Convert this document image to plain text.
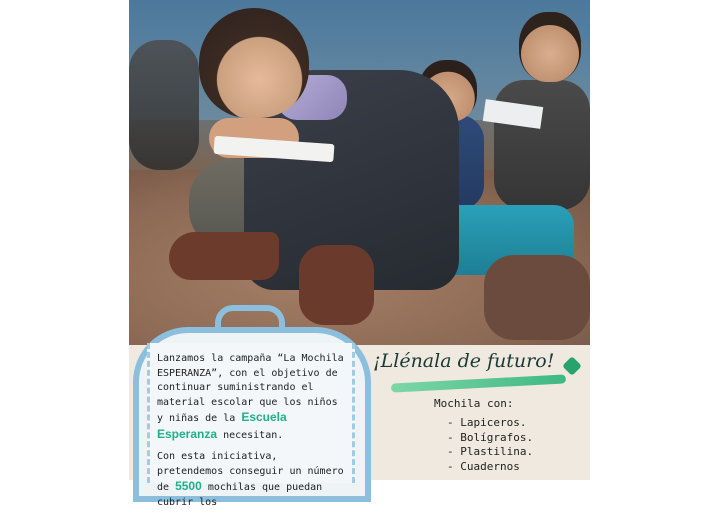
Lanzamos la campaña “La Mochila ESPERANZA”, con el objetivo de continuar suministrando el material escolar que los niños y niñas de la Escuela Esperanza necesitan.

Con esta iniciativa, pretendemos conseguir un número de 5500 mochilas que puedan cubrir los

¡Llénala de futuro!
Mochila con:
- Lapiceros.
- Bolígrafos.
- Plastilina.
- Cuadernos
